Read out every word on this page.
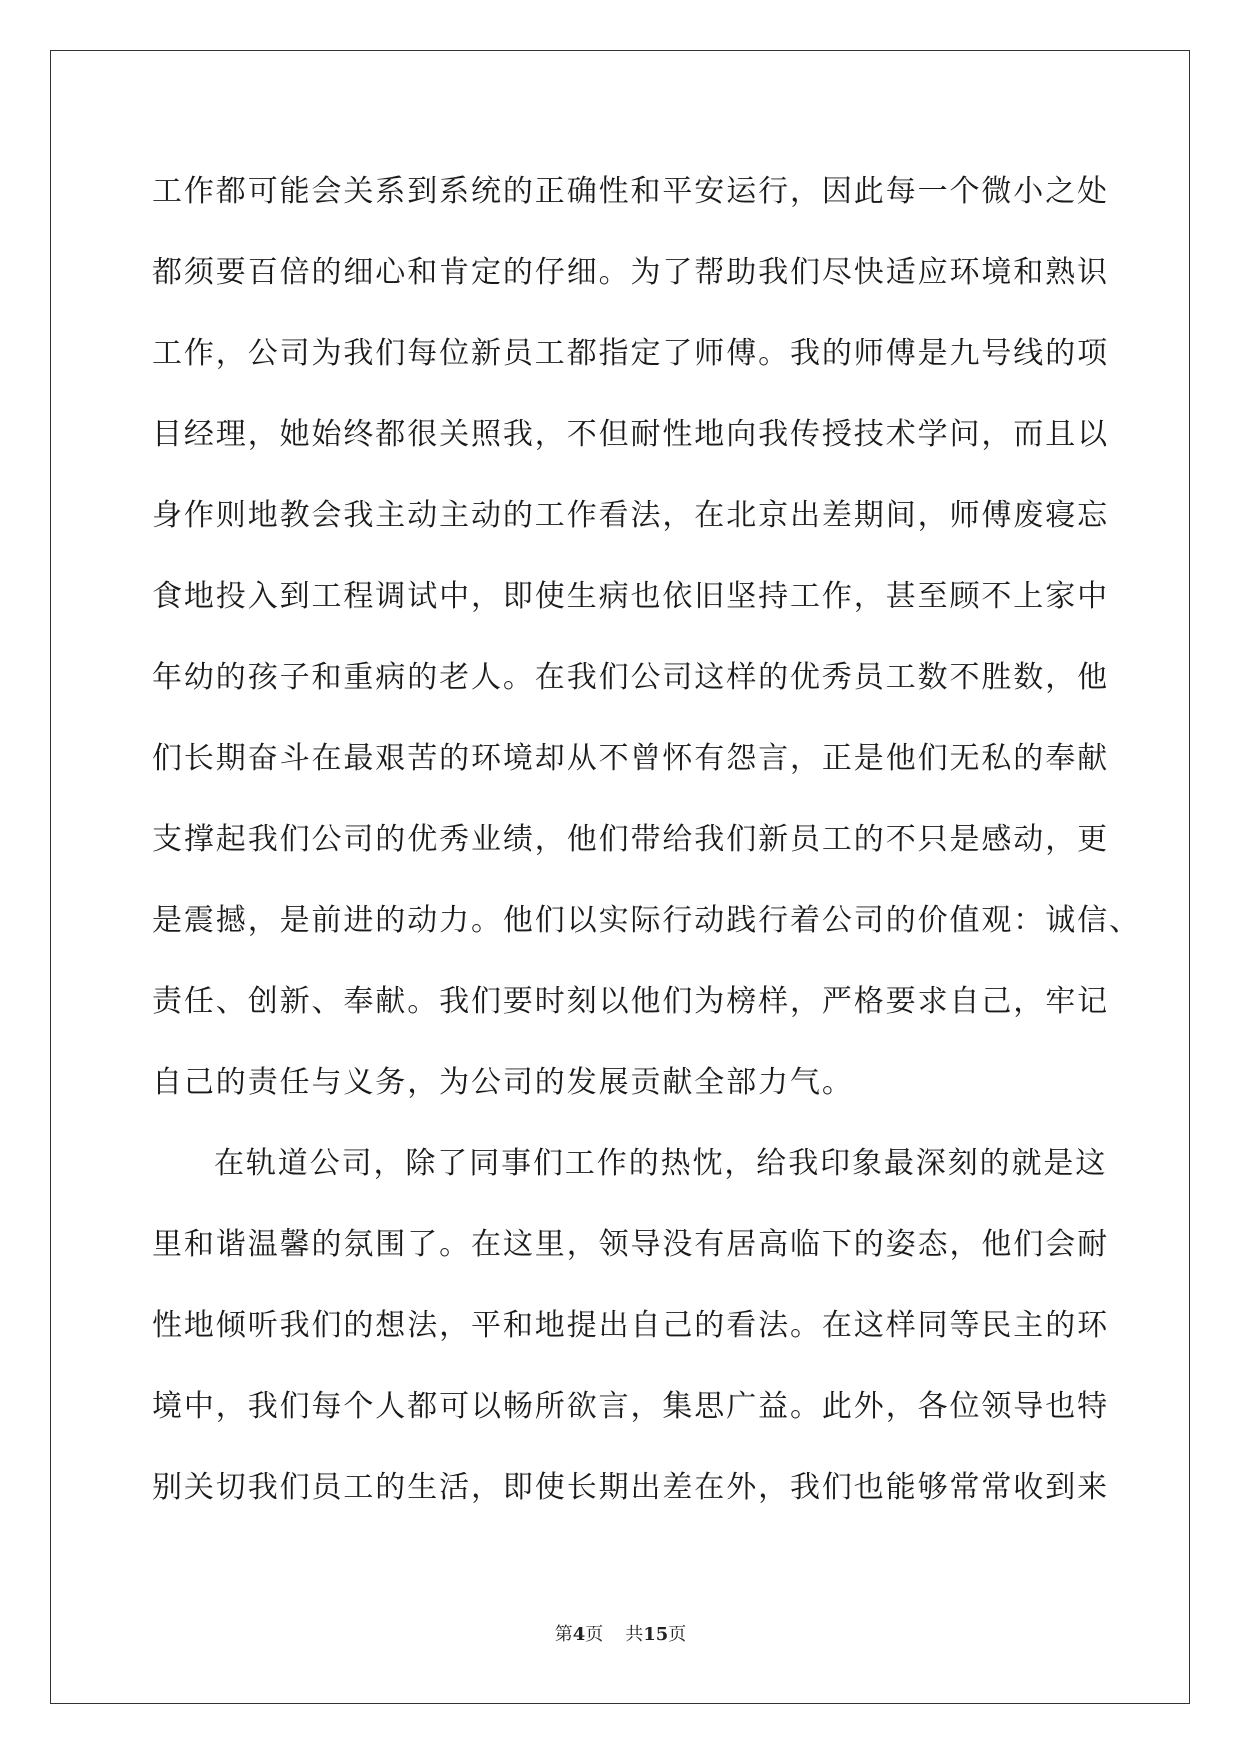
工作都可能会关系到系统的正确性和平安运行，因此每一个微小之处
都须要百倍的细心和肯定的仔细。为了帮助我们尽快适应环境和熟识
工作，公司为我们每位新员工都指定了师傅。我的师傅是九号线的项
目经理，她始终都很关照我，不但耐性地向我传授技术学问，而且以
身作则地教会我主动主动的工作看法，在北京出差期间，师傅废寝忘
食地投入到工程调试中，即使生病也依旧坚持工作，甚至顾不上家中
年幼的孩子和重病的老人。在我们公司这样的优秀员工数不胜数，他
们长期奋斗在最艰苦的环境却从不曾怀有怨言，正是他们无私的奉献
支撑起我们公司的优秀业绩，他们带给我们新员工的不只是感动，更
是震撼，是前进的动力。他们以实际行动践行着公司的价值观：诚信、
责任、创新、奉献。我们要时刻以他们为榜样，严格要求自己，牢记
自己的责任与义务，为公司的发展贡献全部力气。
在轨道公司，除了同事们工作的热忱，给我印象最深刻的就是这
里和谐温馨的氛围了。在这里，领导没有居高临下的姿态，他们会耐
性地倾听我们的想法，平和地提出自己的看法。在这样同等民主的环
境中，我们每个人都可以畅所欲言，集思广益。此外，各位领导也特
别关切我们员工的生活，即使长期出差在外，我们也能够常常收到来
第4页 共15页
